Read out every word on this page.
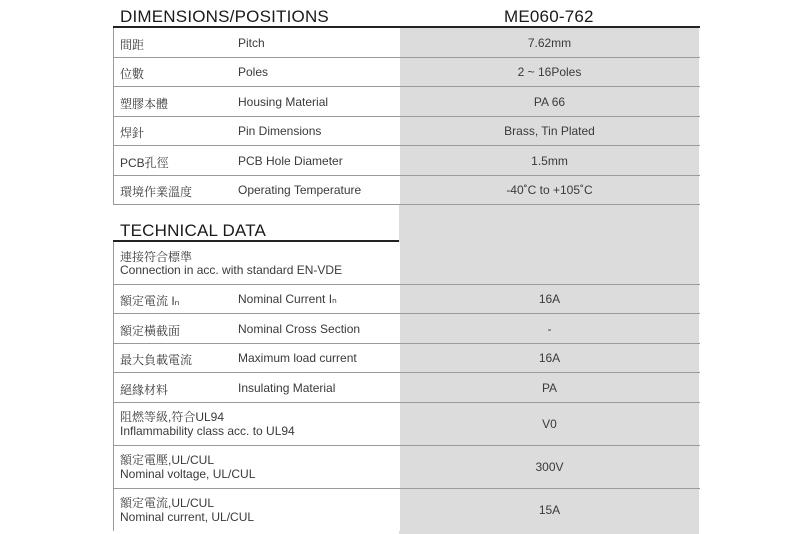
DIMENSIONS/POSITIONS	ME060-762
間距	Pitch	7.62mm
位數	Poles	2 ~ 16Poles
塑膠本體	Housing Material	PA 66
焊針	Pin Dimensions	Brass, Tin Plated
PCB孔徑	PCB Hole Diameter	1.5mm
環境作業溫度	Operating Temperature	-40˚C to +105˚C
TECHNICAL DATA
連接符合標準
Connection in acc. with standard EN-VDE
額定電流 Iₙ	Nominal Current Iₙ	16A
額定橫截面	Nominal Cross Section	-
最大負載電流	Maximum load current	16A
絕緣材料	Insulating Material	PA
阻燃等級,符合UL94
Inflammability class acc. to UL94	V0
額定電壓,UL/CUL
Nominal voltage, UL/CUL	300V
額定電流,UL/CUL
Nominal current, UL/CUL	15A
